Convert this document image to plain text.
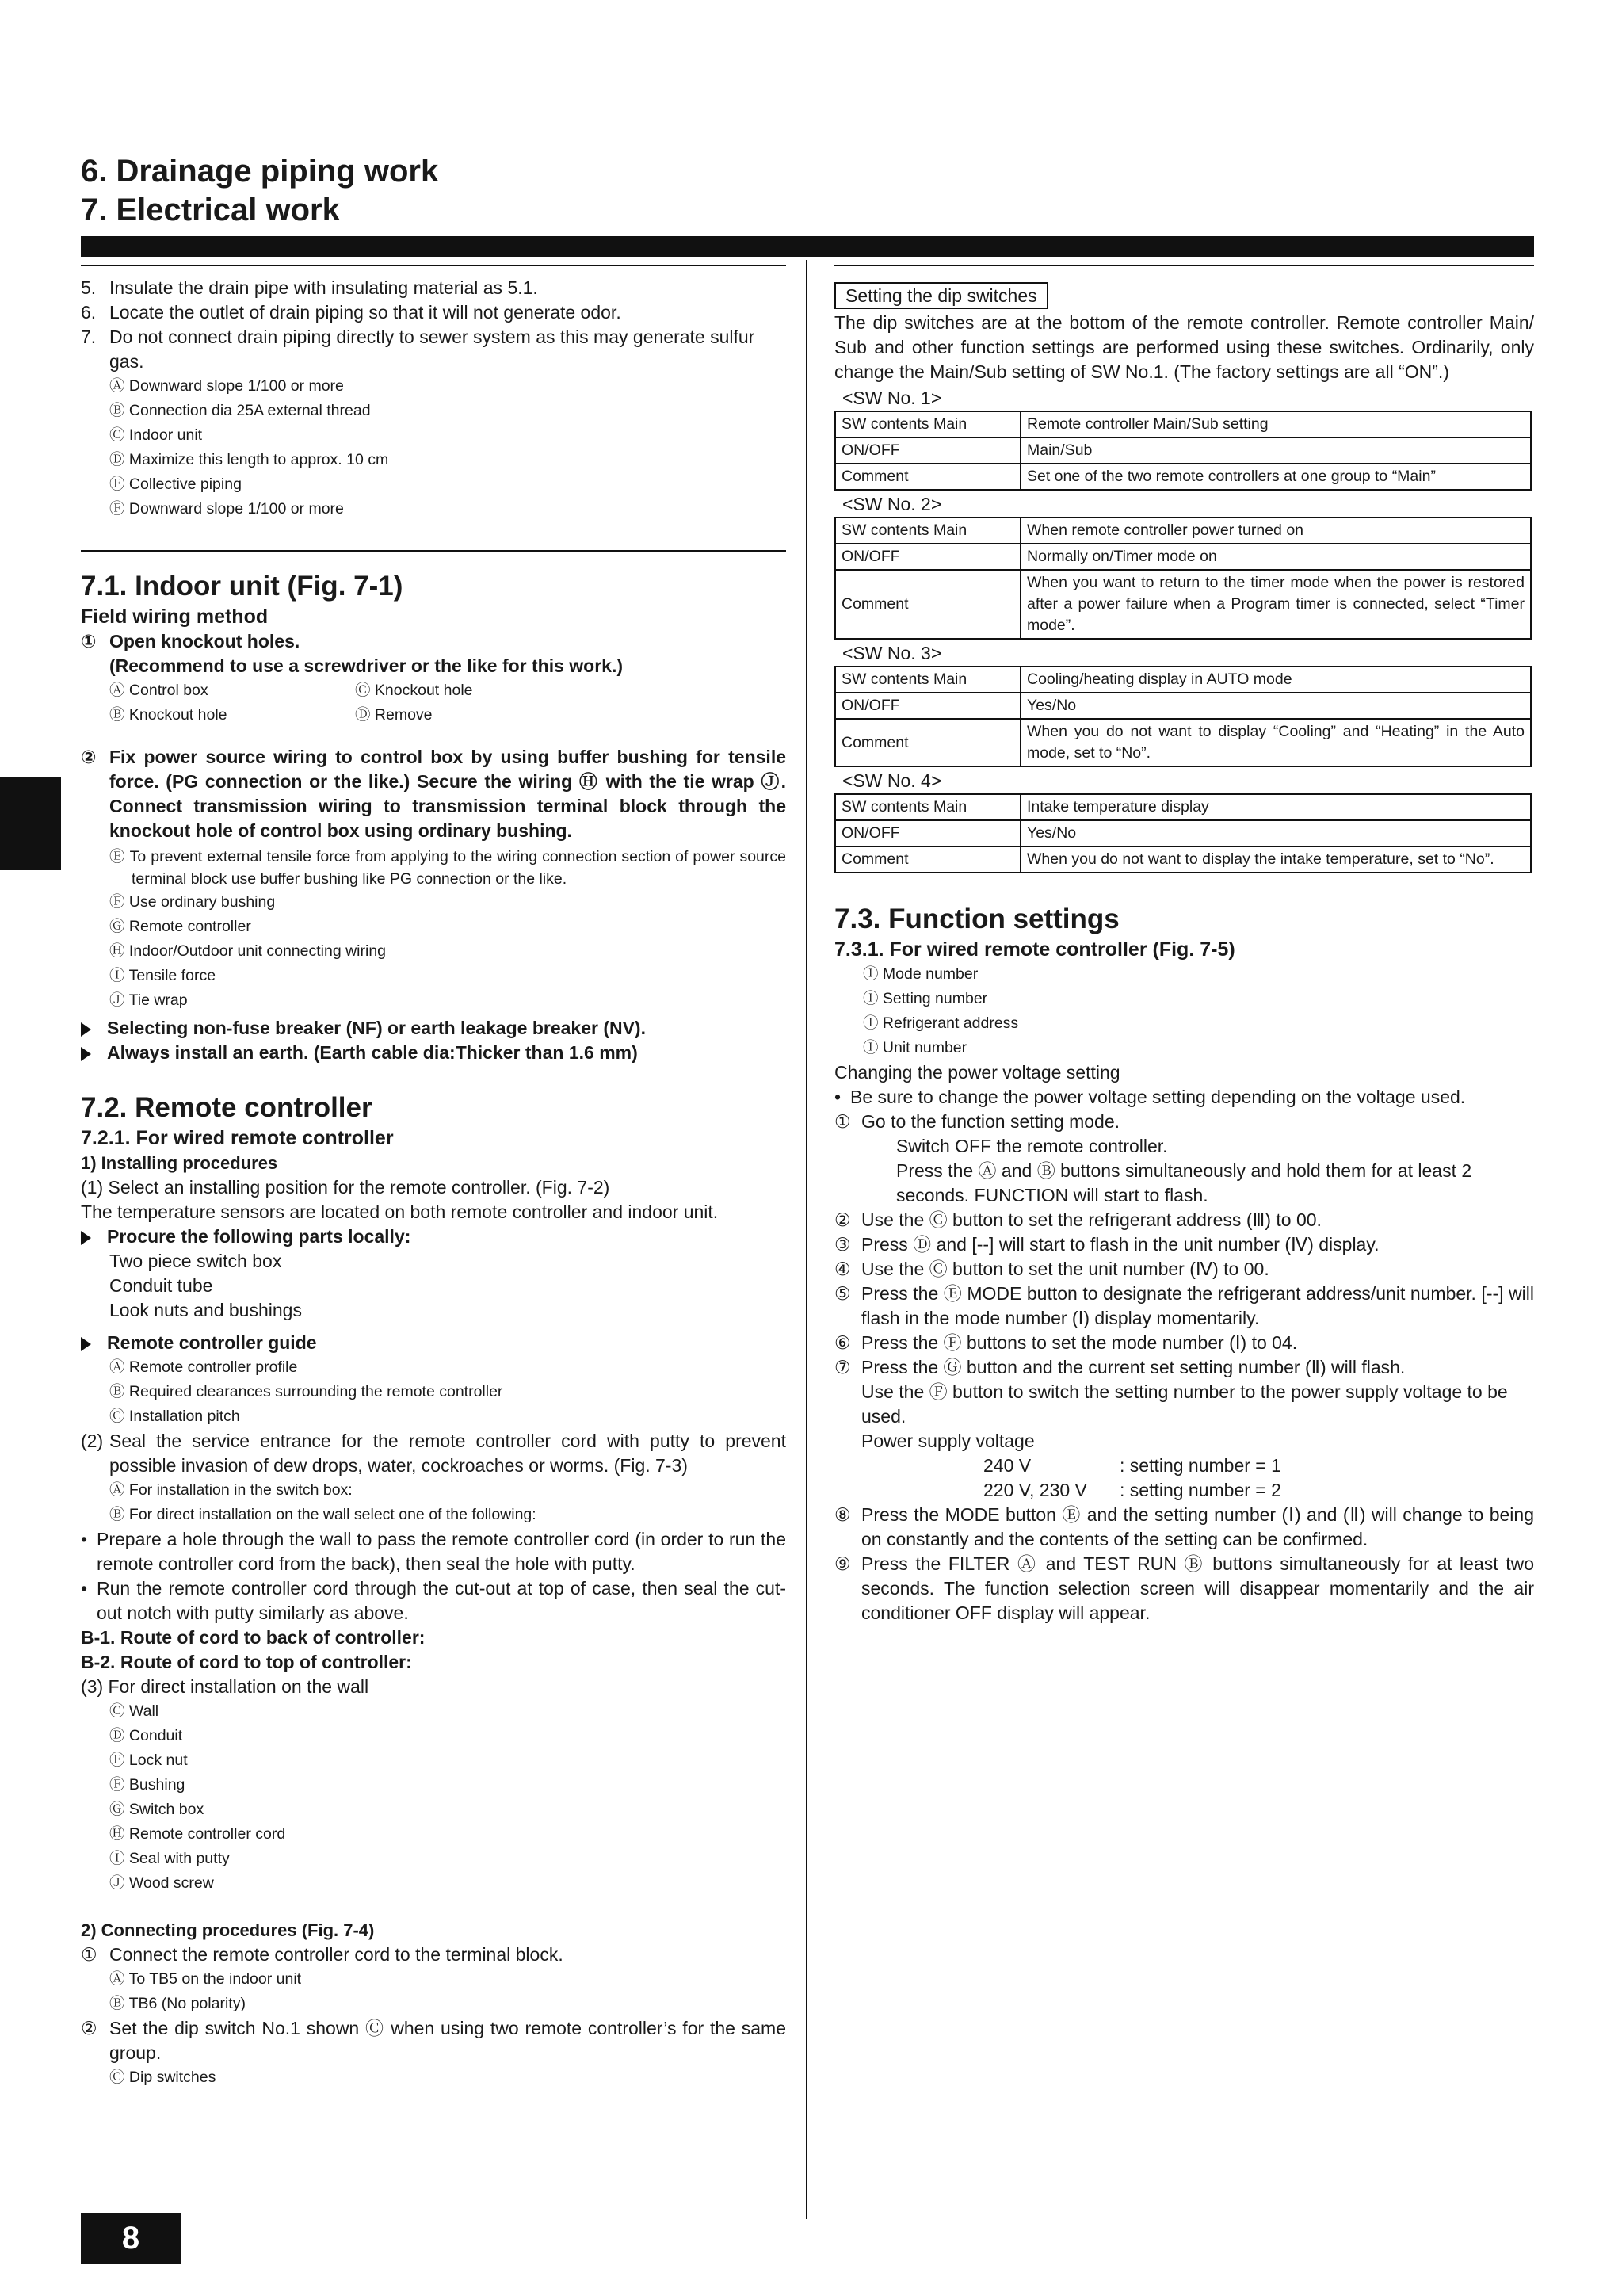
6. Drainage piping work
7. Electrical work
8
5. Insulate the drain pipe with insulating material as 5.1.
6. Locate the outlet of drain piping so that it will not generate odor.
7. Do not connect drain piping directly to sewer system as this may generate sulfur gas.
Ⓐ Downward slope 1/100 or more
Ⓑ Connection dia 25A external thread
Ⓒ Indoor unit
Ⓓ Maximize this length to approx. 10 cm
Ⓔ Collective piping
Ⓕ Downward slope 1/100 or more
7.1. Indoor unit (Fig. 7-1)
Field wiring method
① Open knockout holes.
(Recommend to use a screwdriver or the like for this work.)
Ⓐ Control box	Ⓒ Knockout hole
Ⓑ Knockout hole	Ⓓ Remove
② Fix power source wiring to control box by using buffer bushing for tensile force. (PG connection or the like.) Secure the wiring Ⓗ with the tie wrap Ⓙ. Connect transmission wiring to transmission terminal block through the knockout hole of control box using ordinary bushing.
Ⓔ To prevent external tensile force from applying to the wiring connection section of power source terminal block use buffer bushing like PG connection or the like.
Ⓕ Use ordinary bushing
Ⓖ Remote controller
Ⓗ Indoor/Outdoor unit connecting wiring
Ⓘ Tensile force
Ⓙ Tie wrap
Selecting non-fuse breaker (NF) or earth leakage breaker (NV).
Always install an earth. (Earth cable dia:Thicker than 1.6 mm)
7.2. Remote controller
7.2.1. For wired remote controller
1) Installing procedures
(1) Select an installing position for the remote controller. (Fig. 7-2)
The temperature sensors are located on both remote controller and indoor unit.
Procure the following parts locally:
Two piece switch box
Conduit tube
Look nuts and bushings
Remote controller guide
Ⓐ Remote controller profile
Ⓑ Required clearances surrounding the remote controller
Ⓒ Installation pitch
(2) Seal the service entrance for the remote controller cord with putty to prevent possible invasion of dew drops, water, cockroaches or worms. (Fig. 7-3)
Ⓐ For installation in the switch box:
Ⓑ For direct installation on the wall select one of the following:
• Prepare a hole through the wall to pass the remote controller cord (in order to run the remote controller cord from the back), then seal the hole with putty.
• Run the remote controller cord through the cut-out at top of case, then seal the cut-out notch with putty similarly as above.
B-1. Route of cord to back of controller:
B-2. Route of cord to top of controller:
(3) For direct installation on the wall
Ⓒ Wall
Ⓓ Conduit
Ⓔ Lock nut
Ⓕ Bushing
Ⓖ Switch box
Ⓗ Remote controller cord
Ⓘ Seal with putty
Ⓙ Wood screw
2) Connecting procedures (Fig. 7-4)
① Connect the remote controller cord to the terminal block.
Ⓐ To TB5 on the indoor unit
Ⓑ TB6 (No polarity)
② Set the dip switch No.1 shown Ⓒ when using two remote controller’s for the same group.
Ⓒ Dip switches
Setting the dip switches
The dip switches are at the bottom of the remote controller. Remote controller Main/ Sub and other function settings are performed using these switches. Ordinarily, only change the Main/Sub setting of SW No.1. (The factory settings are all “ON”.)
<SW No. 1>
SW contents Main	Remote controller Main/Sub setting
ON/OFF	Main/Sub
Comment	Set one of the two remote controllers at one group to “Main”
<SW No. 2>
SW contents Main	When remote controller power turned on
ON/OFF	Normally on/Timer mode on
Comment	When you want to return to the timer mode when the power is restored after a power failure when a Program timer is connected, select “Timer mode”.
<SW No. 3>
SW contents Main	Cooling/heating display in AUTO mode
ON/OFF	Yes/No
Comment	When you do not want to display “Cooling” and “Heating” in the Auto mode, set to “No”.
<SW No. 4>
SW contents Main	Intake temperature display
ON/OFF	Yes/No
Comment	When you do not want to display the intake temperature, set to “No”.
7.3. Function settings
7.3.1. For wired remote controller (Fig. 7-5)
Ⓘ Mode number
Ⓘ Setting number
Ⓘ Refrigerant address
Ⓘ Unit number
Changing the power voltage setting
• Be sure to change the power voltage setting depending on the voltage used.
① Go to the function setting mode.
Switch OFF the remote controller.
Press the Ⓐ and Ⓑ buttons simultaneously and hold them for at least 2 seconds. FUNCTION will start to flash.
② Use the Ⓒ button to set the refrigerant address (Ⅲ) to 00.
③ Press Ⓓ and [--] will start to flash in the unit number (Ⅳ) display.
④ Use the Ⓒ button to set the unit number (Ⅳ) to 00.
⑤ Press the Ⓔ MODE button to designate the refrigerant address/unit number. [--] will flash in the mode number (Ⅰ) display momentarily.
⑥ Press the Ⓕ buttons to set the mode number (Ⅰ) to 04.
⑦ Press the Ⓖ button and the current set setting number (Ⅱ) will flash.
Use the Ⓕ button to switch the setting number to the power supply voltage to be used.
Power supply voltage
240 V	: setting number = 1
220 V, 230 V	: setting number = 2
⑧ Press the MODE button Ⓔ and the setting number (Ⅰ) and (Ⅱ) will change to being on constantly and the contents of the setting can be confirmed.
⑨ Press the FILTER Ⓐ and TEST RUN Ⓑ buttons simultaneously for at least two seconds. The function selection screen will disappear momentarily and the air conditioner OFF display will appear.
